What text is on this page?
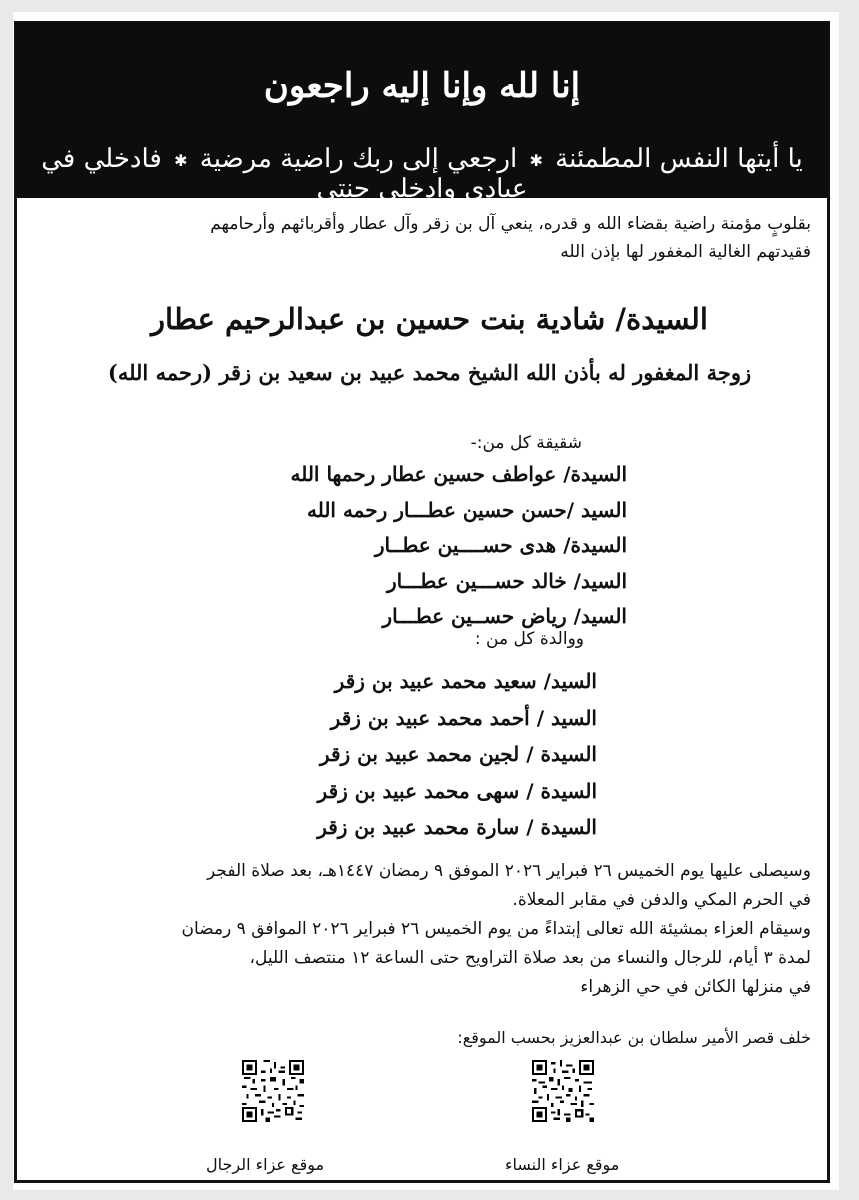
إنا لله وإنا إليه راجعون
يا أيتها النفس المطمئنة ✱ ارجعي إلى ربك راضية مرضية ✱ فادخلي في عبادي وادخلي جنتي
بقلوبٍ مؤمنة راضية بقضاء الله و قدره، ينعي آل بن زقر وآل عطار وأقربائهم وأرحامهم
فقيدتهم الغالية المغفور لها بإذن الله
السيدة/ شادية بنت حسين بن عبدالرحيم عطار
زوجة المغفور له بأذن الله الشيخ محمد عبيد بن سعيد بن زقر (رحمه الله)
شقيقة كل من:-
السيدة/ عواطف حسين عطار رحمها الله
السيد /حسن حسين عطـــار رحمه الله
السيدة/ هدى حســــين عطــار
السيد/ خالد حســـين عطـــار
السيد/ رياض حســين عطـــار
ووالدة كل من :
السيد/ سعيد محمد عبيد بن زقر
السيد / أحمد محمد عبيد بن زقر
السيدة / لجين محمد عبيد بن زقر
السيدة / سهى محمد عبيد بن زقر
السيدة / سارة محمد عبيد بن زقر
وسيصلى عليها يوم الخميس ٢٦ فبراير ٢٠٢٦ الموفق ٩ رمضان ١٤٤٧هـ، بعد صلاة الفجر
في الحرم المكي والدفن في مقابر المعلاة.
وسيقام العزاء بمشيئة الله تعالى إبتداءً من يوم الخميس ٢٦ فبراير ٢٠٢٦ الموافق ٩ رمضان
لمدة ٣ أيام، للرجال والنساء من بعد صلاة التراويح حتى الساعة ١٢ منتصف الليل،
في منزلها الكائن في حي الزهراء
خلف قصر الأمير سلطان بن عبدالعزيز بحسب الموقع:
موقع عزاء النساء
موقع عزاء الرجال
